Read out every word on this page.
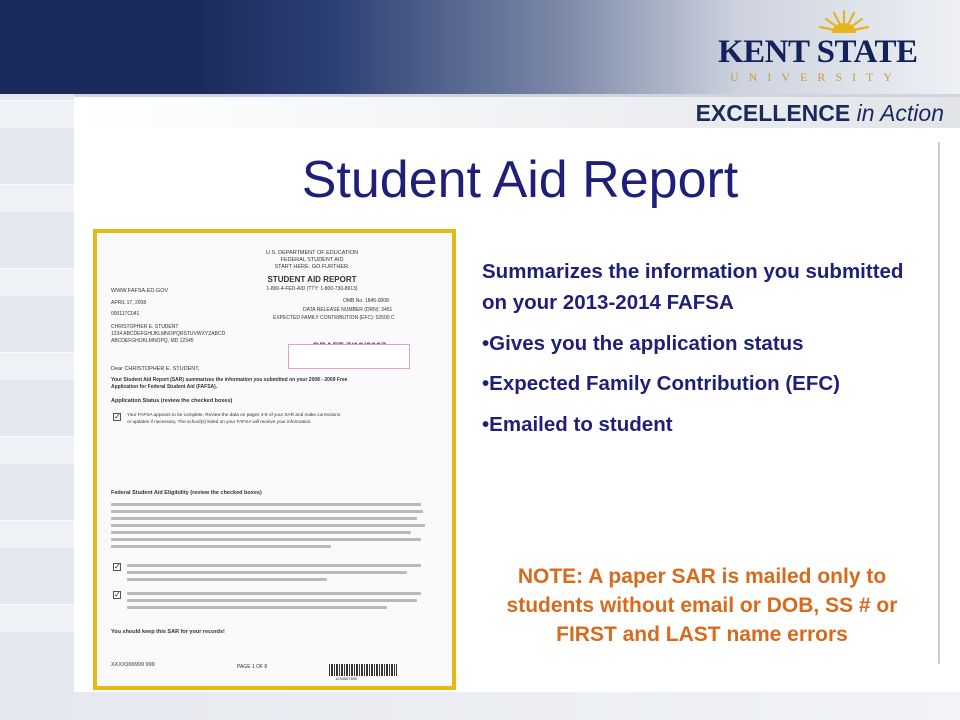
KENT STATE
UNIVERSITY
EXCELLENCE in Action
Student Aid Report
U.S. DEPARTMENT OF EDUCATION
FEDERAL STUDENT AID
START HERE. GO FURTHER.
STUDENT AID REPORT
1-800-4-FED-AID (TTY: 1-800-730-8913)
WWW.FAFSA.ED.GOV
OMB No. 1845-0008
APRIL 17, 2008
DATA RELEASE NUMBER (DRN): 3451
000117C041
EXPECTED FAMILY CONTRIBUTION (EFC): 02500 C
CHRISTOPHER E. STUDENT
1234 ABCDEFGHIJKLMNOPQRSTUVWXYZABCD
ABCDEFGHIJKLMNOPQ, MD 12345
Dear CHRISTOPHER E. STUDENT,
Your Student Aid Report (SAR) summarizes the information you submitted on your 2008 - 2009 Free
Application for Federal Student Aid (FAFSA).
Application Status (review the checked boxes)
✓ Your FAFSA appears to be complete. Review the data on pages 3-8 of your SAR and make corrections
or updates if necessary. The school(s) listed on your FAFSA will receive your information.
Federal Student Aid Eligibility (review the checked boxes)
✓
✓
You should keep this SAR for your records!
XXXX999999 999	PAGE 1 OF 8
1234567890
Summarizes the information you submitted on your 2013-2014 FAFSA
•Gives you the application status
•Expected Family Contribution (EFC)
•Emailed to student
NOTE: A paper SAR is mailed only to students without email or DOB, SS # or FIRST and LAST name errors
